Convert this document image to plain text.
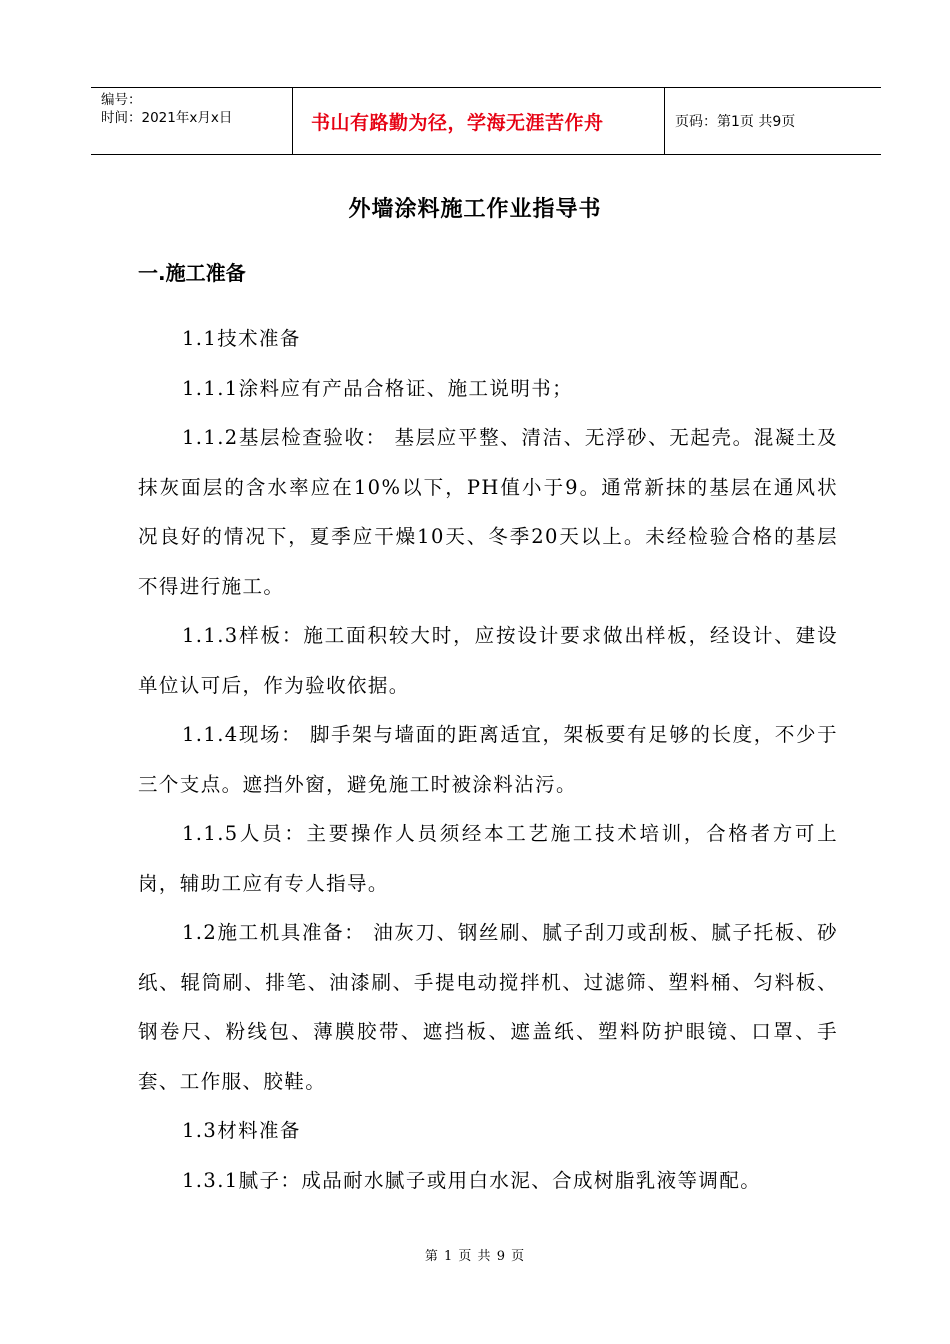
编号：
时间：2021年x月x日	书山有路勤为径，学海无涯苦作舟	页码：第1页 共9页
外墙涂料施工作业指导书
一.施工准备

1.1技术准备

1.1.1涂料应有产品合格证、施工说明书；

1.1.2基层检查验收： 基层应平整、清洁、无浮砂、无起壳。混凝土及抹灰面层的含水率应在10%以下，PH值小于9。通常新抹的基层在通风状况良好的情况下，夏季应干燥10天、冬季20天以上。未经检验合格的基层不得进行施工。

1.1.3样板：施工面积较大时，应按设计要求做出样板，经设计、建设单位认可后，作为验收依据。

1.1.4现场： 脚手架与墙面的距离适宜，架板要有足够的长度，不少于三个支点。遮挡外窗，避免施工时被涂料沾污。

1.1.5人员：主要操作人员须经本工艺施工技术培训，合格者方可上岗，辅助工应有专人指导。

1.2施工机具准备： 油灰刀、钢丝刷、腻子刮刀或刮板、腻子托板、砂纸、辊筒刷、排笔、油漆刷、手提电动搅拌机、过滤筛、塑料桶、匀料板、钢卷尺、粉线包、薄膜胶带、遮挡板、遮盖纸、塑料防护眼镜、口罩、手套、工作服、胶鞋。

1.3材料准备

1.3.1腻子：成品耐水腻子或用白水泥、合成树脂乳液等调配。

第 1 页 共 9 页
